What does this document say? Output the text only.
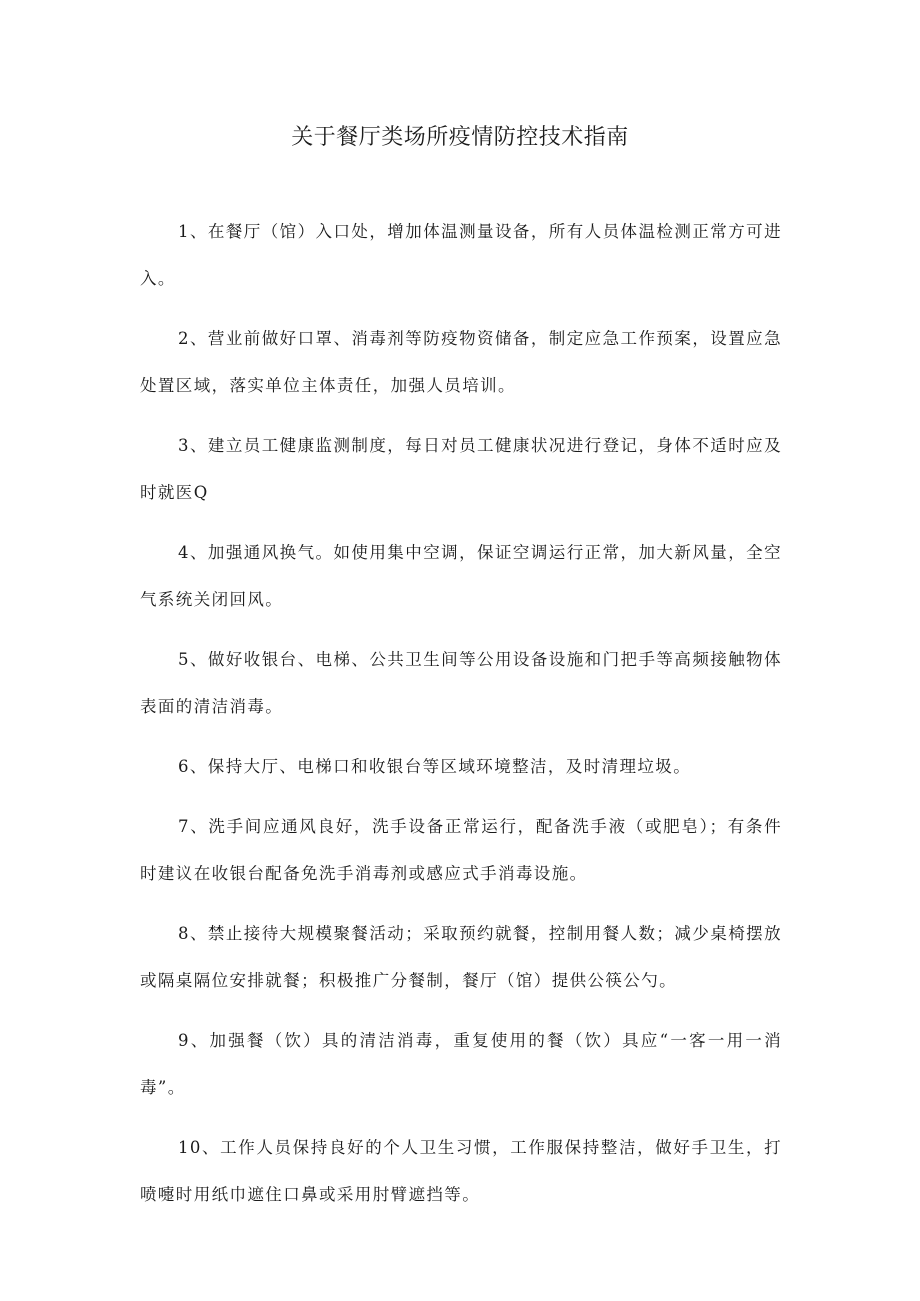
关于餐厅类场所疫情防控技术指南

1、在餐厅（馆）入口处，增加体温测量设备，所有人员体温检测正常方可进入。

2、营业前做好口罩、消毒剂等防疫物资储备，制定应急工作预案，设置应急处置区域，落实单位主体责任，加强人员培训。

3、建立员工健康监测制度，每日对员工健康状况进行登记，身体不适时应及时就医Q

4、加强通风换气。如使用集中空调，保证空调运行正常，加大新风量，全空气系统关闭回风。

5、做好收银台、电梯、公共卫生间等公用设备设施和门把手等高频接触物体表面的清洁消毒。

6、保持大厅、电梯口和收银台等区域环境整洁，及时清理垃圾。

7、洗手间应通风良好，洗手设备正常运行，配备洗手液（或肥皂）；有条件时建议在收银台配备免洗手消毒剂或感应式手消毒设施。

8、禁止接待大规模聚餐活动；采取预约就餐，控制用餐人数；减少桌椅摆放或隔桌隔位安排就餐；积极推广分餐制，餐厅（馆）提供公筷公勺。

9、加强餐（饮）具的清洁消毒，重复使用的餐（饮）具应“一客一用一消毒”。

10、工作人员保持良好的个人卫生习惯，工作服保持整洁，做好手卫生，打喷嚏时用纸巾遮住口鼻或采用肘臂遮挡等。
